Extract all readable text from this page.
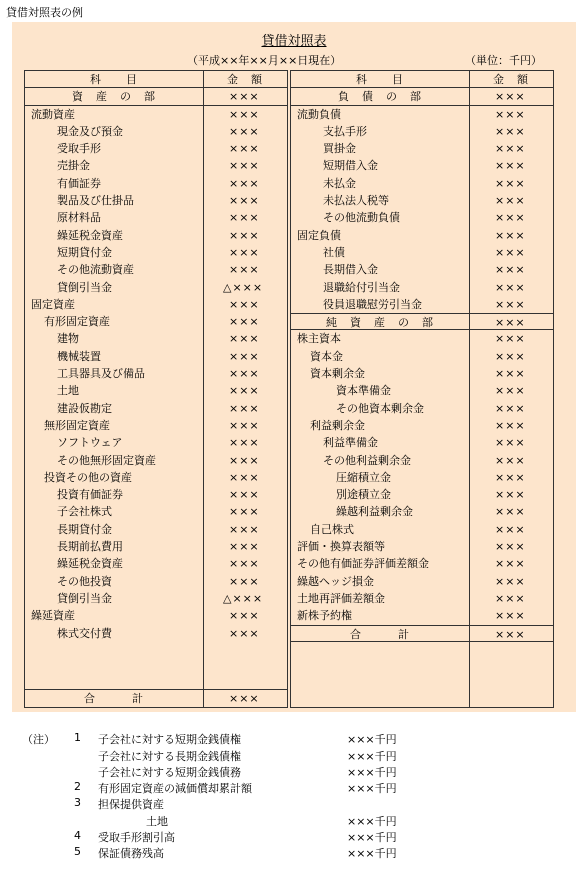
貸借対照表の例
貸借対照表
（平成××年××月××日現在）	（単位：千円）
科　　目	金　額
資　産　の　部	×××
流動資産	×××
現金及び預金	×××
受取手形	×××
売掛金	×××
有価証券	×××
製品及び仕掛品	×××
原材料品	×××
繰延税金資産	×××
短期貸付金	×××
その他流動資産	×××
貸倒引当金	△×××
固定資産	×××
有形固定資産	×××
建物	×××
機械装置	×××
工具器具及び備品	×××
土地	×××
建設仮勘定	×××
無形固定資産	×××
ソフトウェア	×××
その他無形固定資産	×××
投資その他の資産	×××
投資有価証券	×××
子会社株式	×××
長期貸付金	×××
長期前払費用	×××
繰延税金資産	×××
その他投資	×××
貸倒引当金	△×××
繰延資産	×××
株式交付費	×××
合　　　計	×××
科　　目	金　額
負　債　の　部	×××
流動負債	×××
支払手形	×××
買掛金	×××
短期借入金	×××
未払金	×××
未払法人税等	×××
その他流動負債	×××
固定負債	×××
社債	×××
長期借入金	×××
退職給付引当金	×××
役員退職慰労引当金	×××
純　資　産　の　部	×××
株主資本	×××
資本金	×××
資本剰余金	×××
資本準備金	×××
その他資本剰余金	×××
利益剰余金	×××
利益準備金	×××
その他利益剰余金	×××
圧縮積立金	×××
別途積立金	×××
繰越利益剰余金	×××
自己株式	×××
評価・換算表額等	×××
その他有価証券評価差額金	×××
繰越ヘッジ損金	×××
土地再評価差額金	×××
新株予約権	×××
合　　　計	×××
（注） 1 子会社に対する短期金銭債権	×××千円
子会社に対する長期金銭債権	×××千円
子会社に対する短期金銭債務	×××千円
2 有形固定資産の減価償却累計額	×××千円
3 担保提供資産
土地	×××千円
4 受取手形割引高	×××千円
5 保証債務残高	×××千円
